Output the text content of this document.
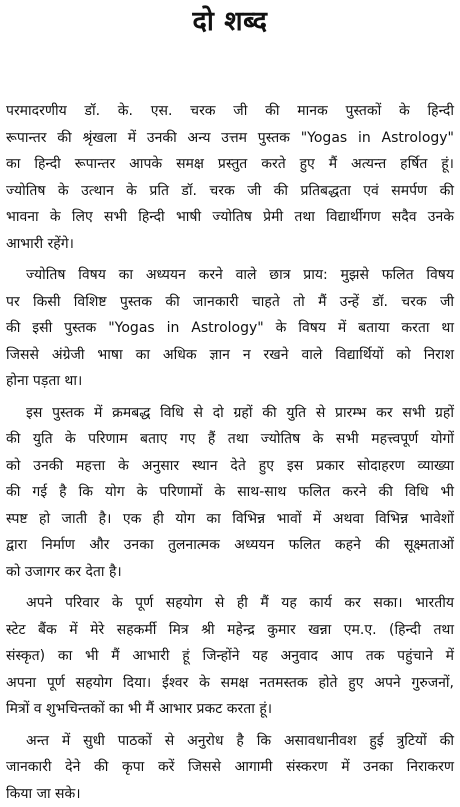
दो शब्द
परमादरणीय डॉ. के. एस. चरक जी की मानक पुस्तकों के हिन्दी
रूपान्तर की श्रृंखला में उनकी अन्य उत्तम पुस्तक "Yogas in Astrology"
का हिन्दी रूपान्तर आपके समक्ष प्रस्तुत करते हुए मैं अत्यन्त हर्षित हूं।
ज्योतिष के उत्थान के प्रति डॉ. चरक जी की प्रतिबद्धता एवं समर्पण की
भावना के लिए सभी हिन्दी भाषी ज्योतिष प्रेमी तथा विद्यार्थीगण सदैव उनके
आभारी रहेंगे।
ज्योतिष विषय का अध्ययन करने वाले छात्र प्राय: मुझसे फलित विषय
पर किसी विशिष्ट पुस्तक की जानकारी चाहते तो मैं उन्हें डॉ. चरक जी
की इसी पुस्तक "Yogas in Astrology" के विषय में बताया करता था
जिससे अंग्रेजी भाषा का अधिक ज्ञान न रखने वाले विद्यार्थियों को निराश
होना पड़ता था।
इस पुस्तक में क्रमबद्ध विधि से दो ग्रहों की युति से प्रारम्भ कर सभी ग्रहों
की युति के परिणाम बताए गए हैं तथा ज्योतिष के सभी महत्त्वपूर्ण योगों
को उनकी महत्ता के अनुसार स्थान देते हुए इस प्रकार सोदाहरण व्याख्या
की गई है कि योग के परिणामों के साथ-साथ फलित करने की विधि भी
स्पष्ट हो जाती है। एक ही योग का विभिन्न भावों में अथवा विभिन्न भावेशों
द्वारा निर्माण और उनका तुलनात्मक अध्ययन फलित कहने की सूक्ष्मताओं
को उजागर कर देता है।
अपने परिवार के पूर्ण सहयोग से ही मैं यह कार्य कर सका। भारतीय
स्टेट बैंक में मेरे सहकर्मी मित्र श्री महेन्द्र कुमार खन्ना एम.ए. (हिन्दी तथा
संस्कृत) का भी मैं आभारी हूं जिन्होंने यह अनुवाद आप तक पहुंचाने में
अपना पूर्ण सहयोग दिया। ईश्वर के समक्ष नतमस्तक होते हुए अपने गुरुजनों,
मित्रों व शुभचिन्तकों का भी मैं आभार प्रकट करता हूं।
अन्त में सुधी पाठकों से अनुरोध है कि असावधानीवश हुई त्रुटियों की
जानकारी देने की कृपा करें जिससे आगामी संस्करण में उनका निराकरण
किया जा सके।
